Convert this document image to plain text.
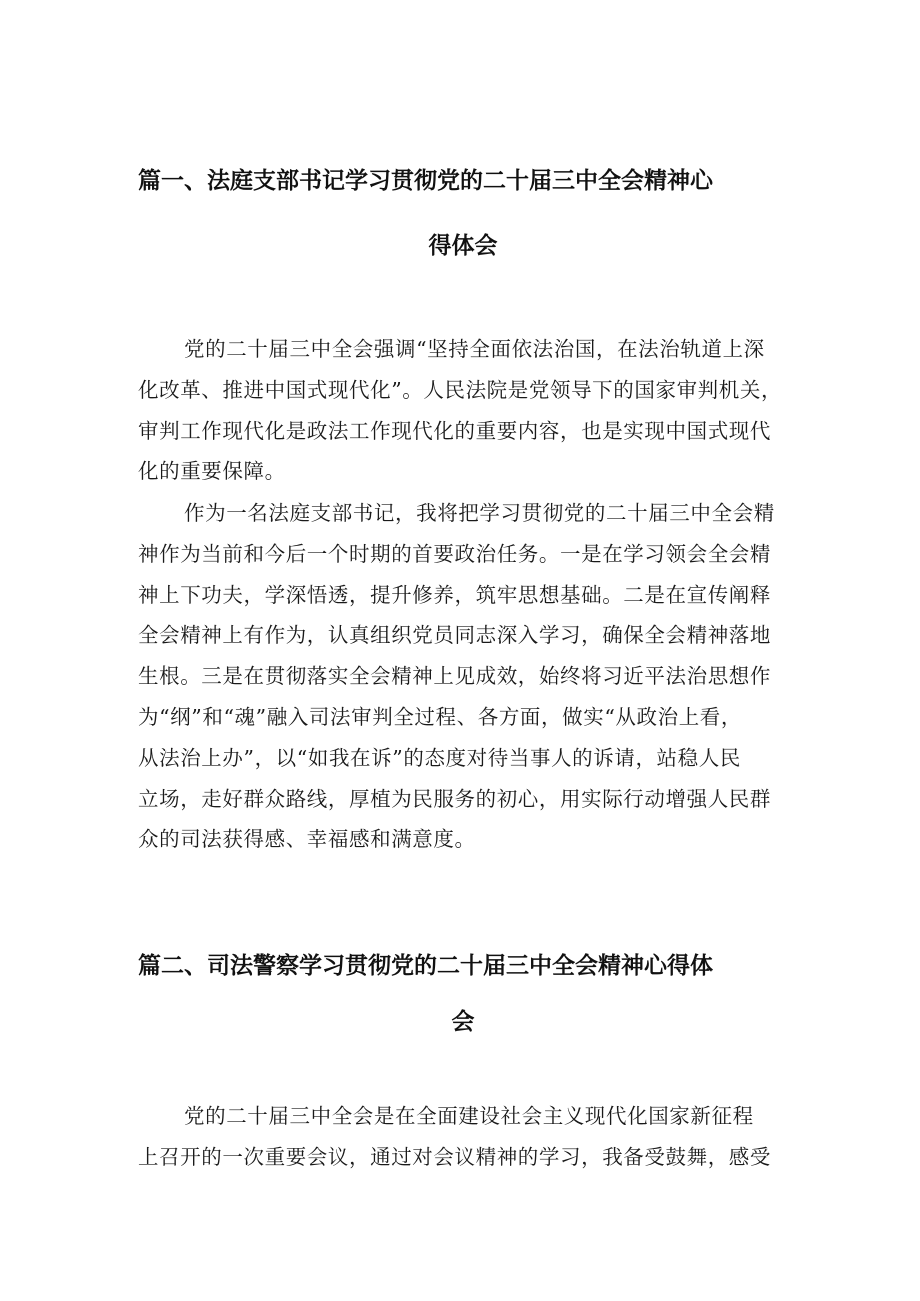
篇一、法庭支部书记学习贯彻党的二十届三中全会精神心
得体会
党的二十届三中全会强调“坚持全面依法治国，在法治轨道上深
化改革、推进中国式现代化”。人民法院是党领导下的国家审判机关，
审判工作现代化是政法工作现代化的重要内容，也是实现中国式现代
化的重要保障。
作为一名法庭支部书记，我将把学习贯彻党的二十届三中全会精
神作为当前和今后一个时期的首要政治任务。一是在学习领会全会精
神上下功夫，学深悟透，提升修养，筑牢思想基础。二是在宣传阐释
全会精神上有作为，认真组织党员同志深入学习，确保全会精神落地
生根。三是在贯彻落实全会精神上见成效，始终将习近平法治思想作
为“纲”和“魂”融入司法审判全过程、各方面，做实“从政治上看，
从法治上办”，以“如我在诉”的态度对待当事人的诉请，站稳人民
立场，走好群众路线，厚植为民服务的初心，用实际行动增强人民群
众的司法获得感、幸福感和满意度。
篇二、司法警察学习贯彻党的二十届三中全会精神心得体
会
党的二十届三中全会是在全面建设社会主义现代化国家新征程
上召开的一次重要会议，通过对会议精神的学习，我备受鼓舞，感受
